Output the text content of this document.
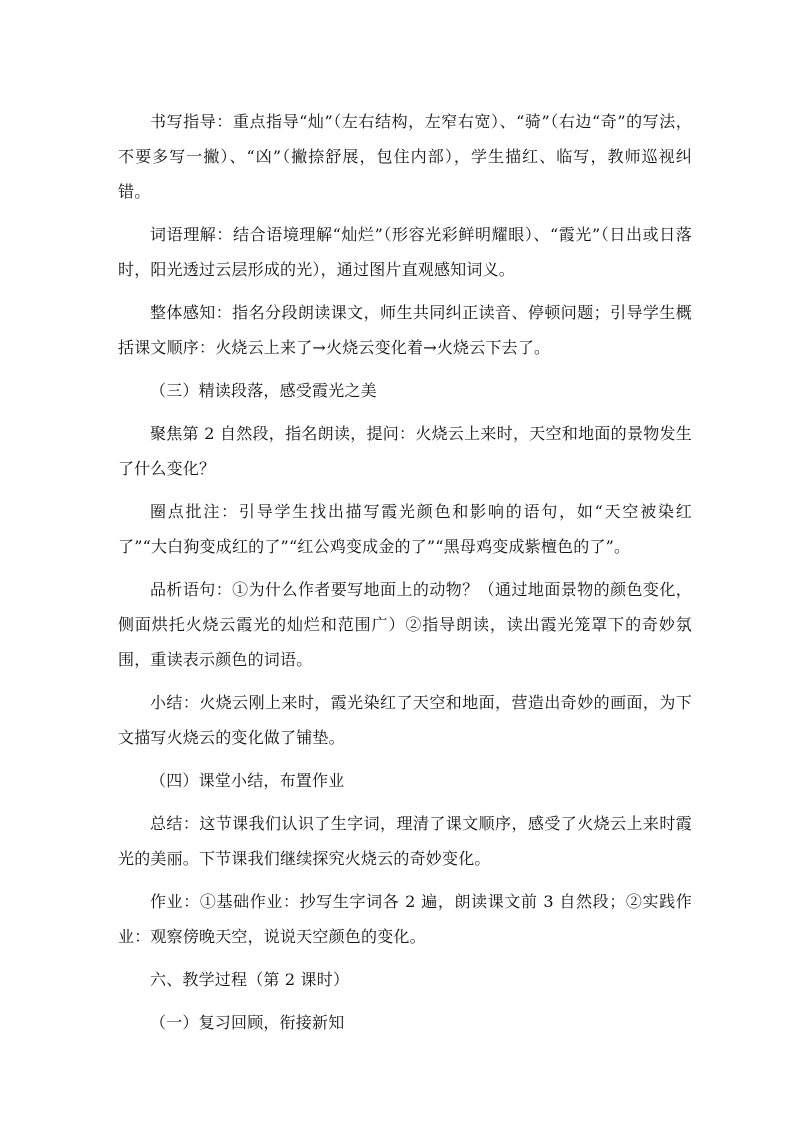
书写指导：重点指导“灿”（左右结构，左窄右宽）、“骑”（右边“奇”的写法，不要多写一撇）、“凶”（撇捺舒展，包住内部），学生描红、临写，教师巡视纠错。

词语理解：结合语境理解“灿烂”（形容光彩鲜明耀眼）、“霞光”（日出或日落时，阳光透过云层形成的光），通过图片直观感知词义。

整体感知：指名分段朗读课文，师生共同纠正读音、停顿问题；引导学生概括课文顺序：火烧云上来了→火烧云变化着→火烧云下去了。

（三）精读段落，感受霞光之美

聚焦第 2 自然段，指名朗读，提问：火烧云上来时，天空和地面的景物发生了什么变化？

圈点批注：引导学生找出描写霞光颜色和影响的语句，如“天空被染红了”“大白狗变成红的了”“红公鸡变成金的了”“黑母鸡变成紫檀色的了”。

品析语句：①为什么作者要写地面上的动物？（通过地面景物的颜色变化，侧面烘托火烧云霞光的灿烂和范围广）②指导朗读，读出霞光笼罩下的奇妙氛围，重读表示颜色的词语。

小结：火烧云刚上来时，霞光染红了天空和地面，营造出奇妙的画面，为下文描写火烧云的变化做了铺垫。

（四）课堂小结，布置作业

总结：这节课我们认识了生字词，理清了课文顺序，感受了火烧云上来时霞光的美丽。下节课我们继续探究火烧云的奇妙变化。

作业：①基础作业：抄写生字词各 2 遍，朗读课文前 3 自然段；②实践作业：观察傍晚天空，说说天空颜色的变化。

六、教学过程（第 2 课时）

（一）复习回顾，衔接新知
